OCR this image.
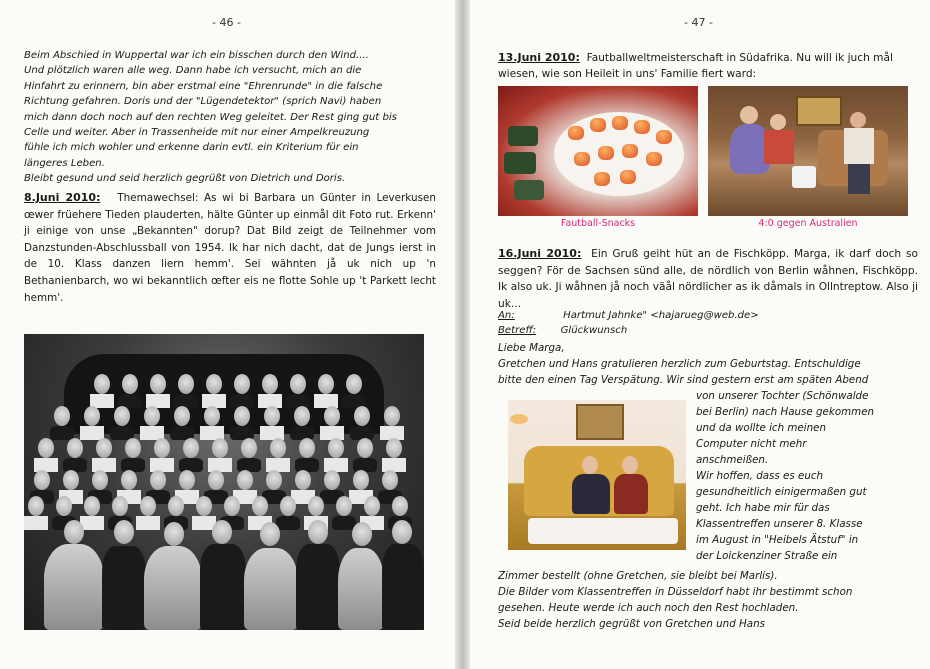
- 46 -

Beim Abschied in Wuppertal war ich ein bisschen durch den Wind....

Und plötzlich waren alle weg. Dann habe ich versucht, mich an die

Hinfahrt zu erinnern, bin aber erstmal eine "Ehrenrunde" in die falsche

Richtung gefahren. Doris und der "Lügendetektor" (sprich Navi) haben

mich dann doch noch auf den rechten Weg geleitet. Der Rest ging gut bis

Celle und weiter. Aber in Trassenheide mit nur einer Ampelkreuzung

fühle ich mich wohler und erkenne darin evtl. ein Kriterium für ein

längeres Leben.

Bleibt gesund und seid herzlich gegrüßt von Dietrich und Doris.

8.Juni 2010: Themawechsel: As wi bi Barbara un Günter in Leverkusen œwer früehere Tieden plauderten, hälte Günter up einmål dit Foto rut. Erkenn' ji einige von unse „Bekannten" dorup? Dat Bild zeigt de Teilnehmer vom Danzstunden-Abschlussball von 1954. Ik har nich dacht, dat de Jungs ierst in de 10. Klass danzen liern hemm'. Sei wähnten jå uk nich up 'n Bethanienbarch, wo wi bekanntlich œfter eis ne flotte Sohle up 't Parkett lecht hemm'.
- 47 -
13.Juni 2010: Fautballweltmeisterschaft in Südafrika. Nu will ik juch mål wiesen, wie son Heileit in uns' Familie fiert ward:
Fautball-Snacks	4:0 gegen Australien
16.Juni 2010: Ein Gruß geiht hüt an de Fischköpp. Marga, ik darf doch so seggen? För de Sachsen sünd alle, de nördlich von Berlin wåhnen, Fischköpp. Ik also uk. Ji wåhnen jå noch väål nördlicher as ik dåmals in Ollntreptow. Also ji uk...
An:	Hartmut Jahnke" <hajarueg@web.de>
Betreff: Glückwunsch

Liebe Marga,

Gretchen und Hans gratulieren herzlich zum Geburtstag. Entschuldige

bitte den einen Tag Verspätung. Wir sind gestern erst am späten Abend

von unserer Tochter (Schönwalde

bei Berlin) nach Hause gekommen

und da wollte ich meinen

Computer nicht mehr

anschmeißen.

Wir hoffen, dass es euch

gesundheitlich einigermaßen gut

geht. Ich habe mir für das

Klassentreffen unserer 8. Klasse

im August in "Heibels Ätstuf" in

der Loickenziner Straße ein

Zimmer bestellt (ohne Gretchen, sie bleibt bei Marlis).

Die Bilder vom Klassentreffen in Düsseldorf habt ihr bestimmt schon

gesehen. Heute werde ich auch noch den Rest hochladen.

Seid beide herzlich gegrüßt von Gretchen und Hans
